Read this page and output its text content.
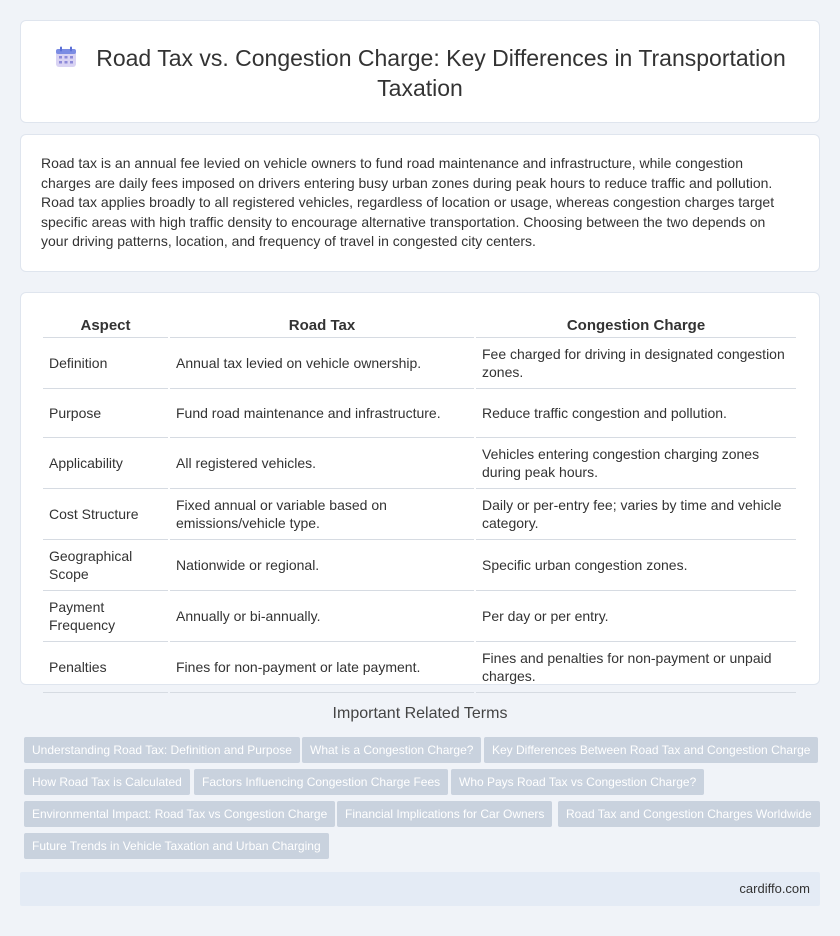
Road Tax vs. Congestion Charge: Key Differences in Transportation Taxation

Road tax is an annual fee levied on vehicle owners to fund road maintenance and infrastructure, while congestion charges are daily fees imposed on drivers entering busy urban zones during peak hours to reduce traffic and pollution. Road tax applies broadly to all registered vehicles, regardless of location or usage, whereas congestion charges target specific areas with high traffic density to encourage alternative transportation. Choosing between the two depends on your driving patterns, location, and frequency of travel in congested city centers.

Aspect	Road Tax	Congestion Charge
Definition	Annual tax levied on vehicle ownership.	Fee charged for driving in designated congestion zones.
Purpose	Fund road maintenance and infrastructure.	Reduce traffic congestion and pollution.
Applicability	All registered vehicles.	Vehicles entering congestion charging zones during peak hours.
Cost Structure	Fixed annual or variable based on emissions/vehicle type.	Daily or per-entry fee; varies by time and vehicle category.
Geographical Scope	Nationwide or regional.	Specific urban congestion zones.
Payment Frequency	Annually or bi-annually.	Per day or per entry.
Penalties	Fines for non-payment or late payment.	Fines and penalties for non-payment or unpaid charges.
Important Related Terms
Understanding Road Tax: Definition and Purpose	What is a Congestion Charge?	Key Differences Between Road Tax and Congestion Charge
How Road Tax is Calculated	Factors Influencing Congestion Charge Fees	Who Pays Road Tax vs Congestion Charge?
Environmental Impact: Road Tax vs Congestion Charge	Financial Implications for Car Owners	Road Tax and Congestion Charges Worldwide
Future Trends in Vehicle Taxation and Urban Charging
cardiffo.com
